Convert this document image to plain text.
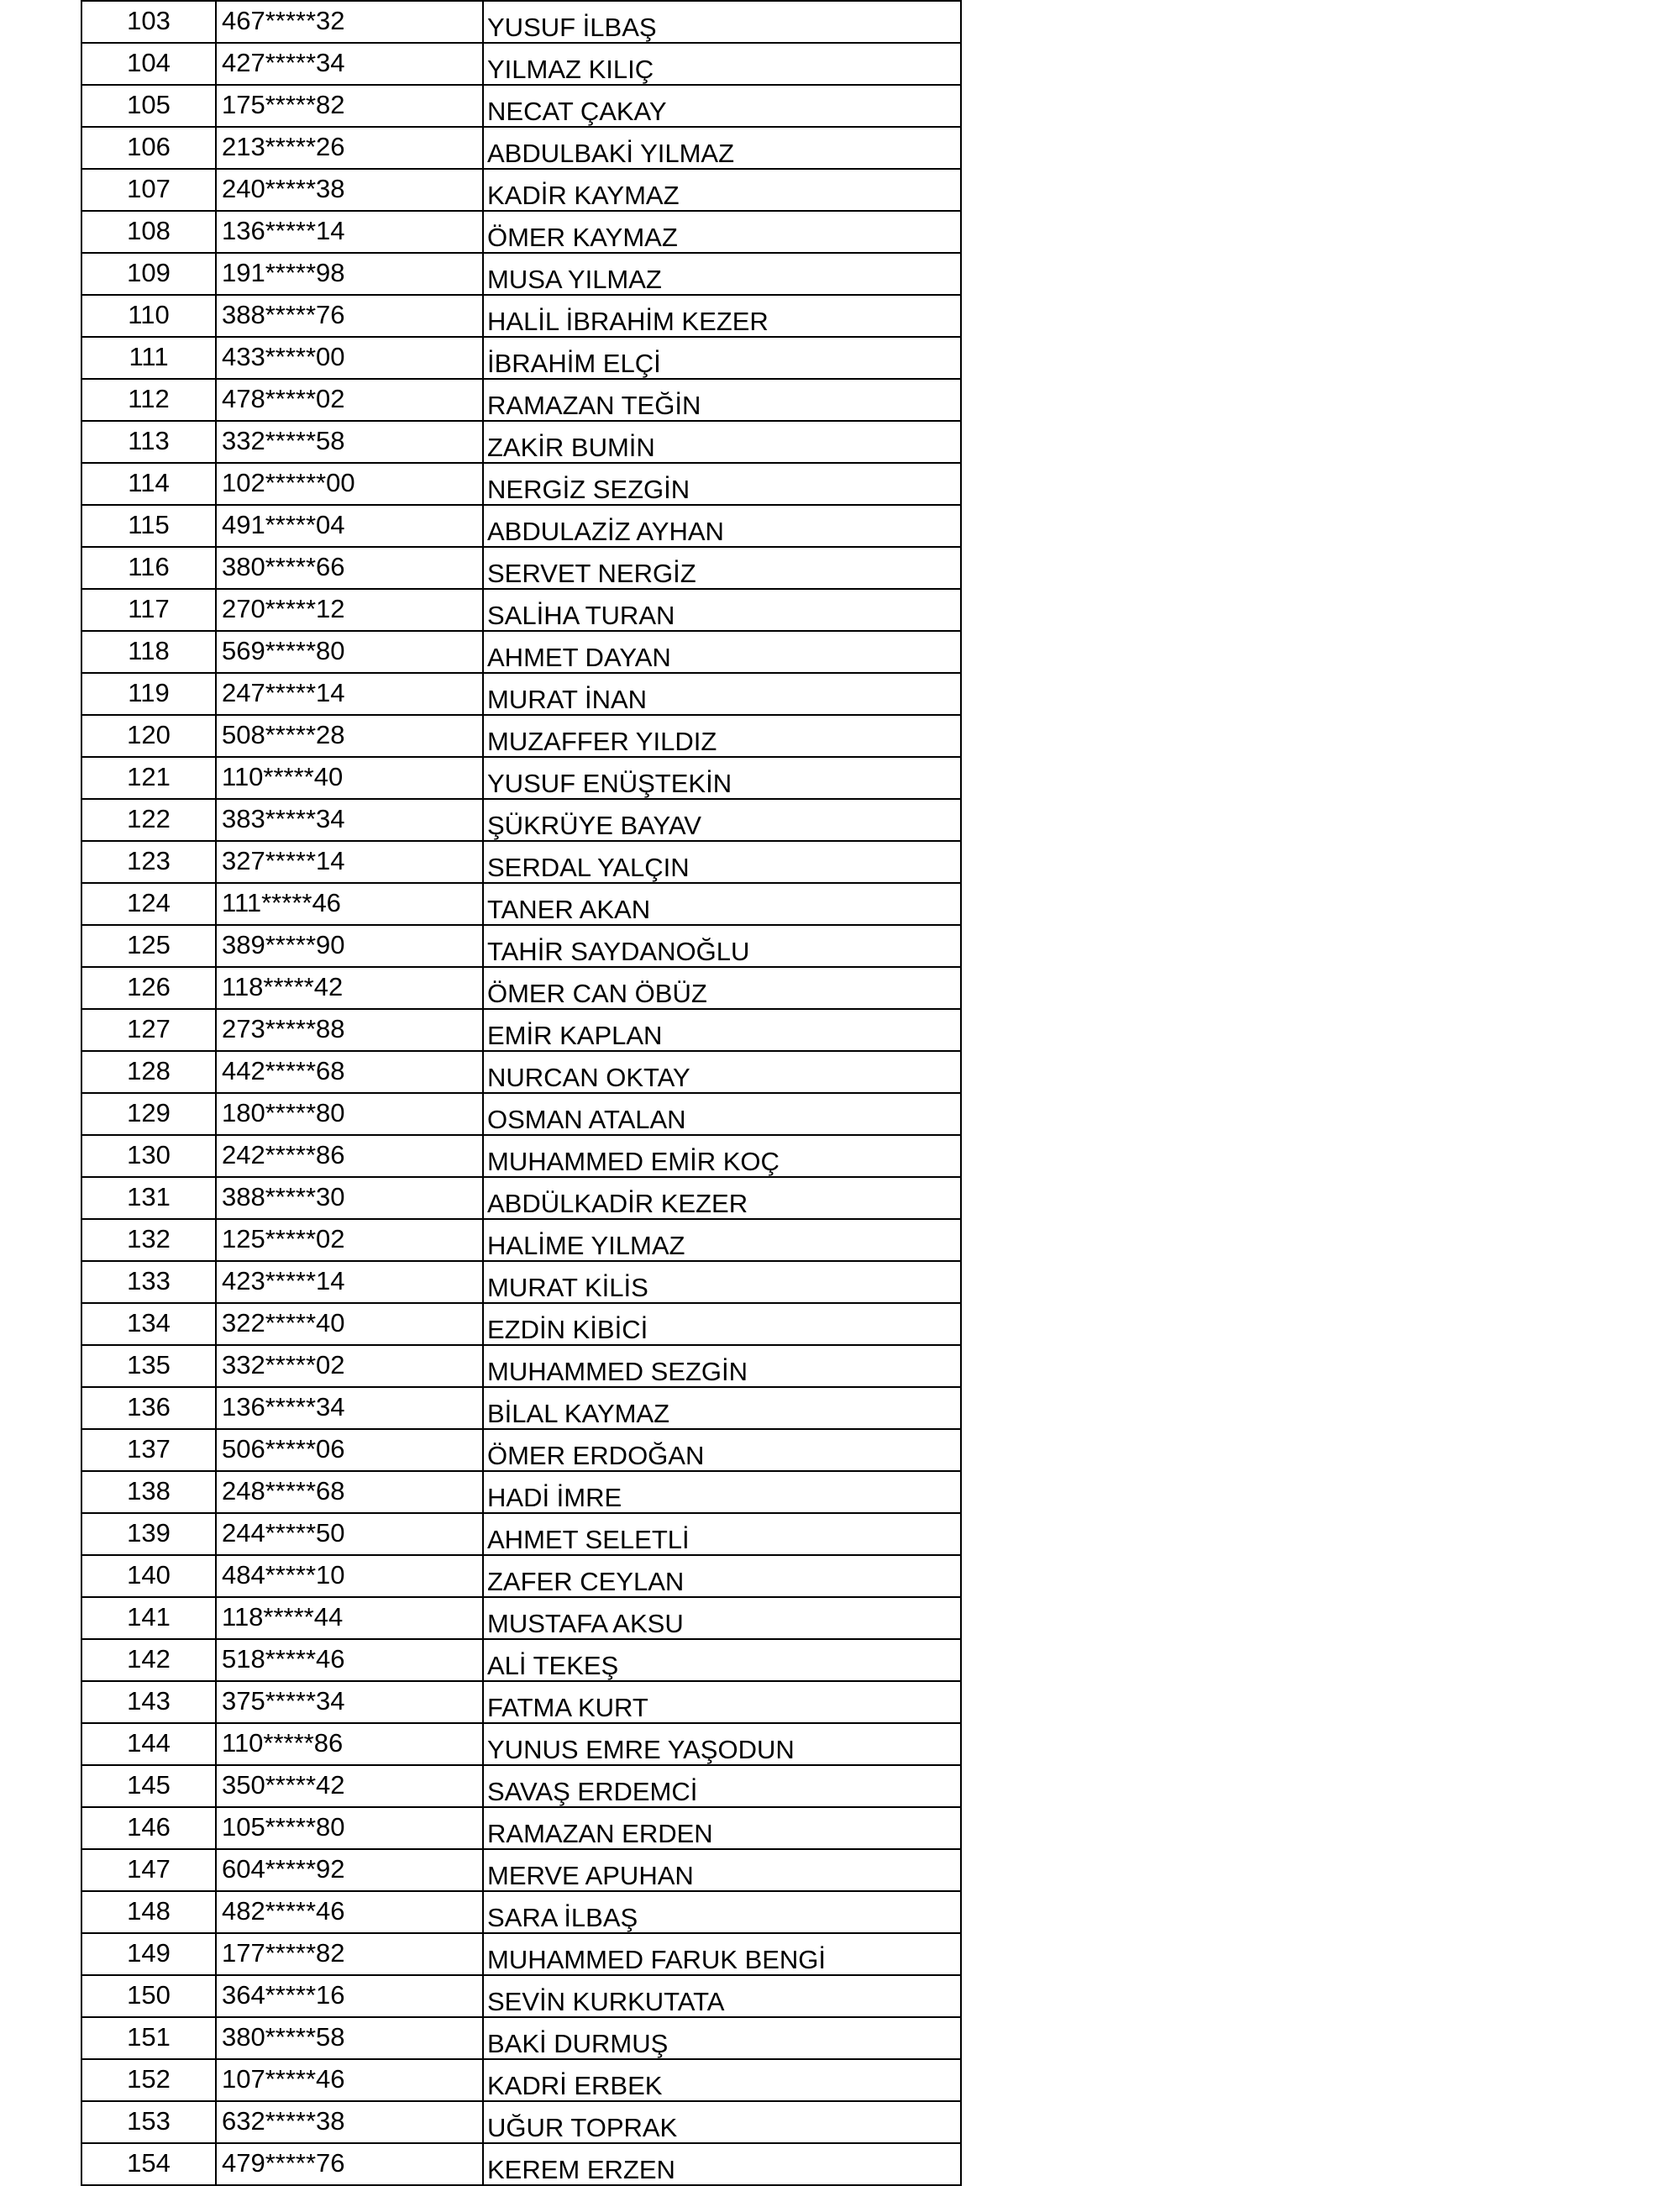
103	467*****32	YUSUF İLBAŞ
104	427*****34	YILMAZ KILIÇ
105	175*****82	NECAT ÇAKAY
106	213*****26	ABDULBAKİ YILMAZ
107	240*****38	KADİR KAYMAZ
108	136*****14	ÖMER KAYMAZ
109	191*****98	MUSA YILMAZ
110	388*****76	HALİL İBRAHİM KEZER
111	433*****00	İBRAHİM ELÇİ
112	478*****02	RAMAZAN TEĞİN
113	332*****58	ZAKİR BUMİN
114	102******00	NERGİZ SEZGİN
115	491*****04	ABDULAZİZ AYHAN
116	380*****66	SERVET NERGİZ
117	270*****12	SALİHA TURAN
118	569*****80	AHMET DAYAN
119	247*****14	MURAT İNAN
120	508*****28	MUZAFFER YILDIZ
121	110*****40	YUSUF ENÜŞTEKİN
122	383*****34	ŞÜKRÜYE BAYAV
123	327*****14	SERDAL YALÇIN
124	111*****46	TANER AKAN
125	389*****90	TAHİR SAYDANOĞLU
126	118*****42	ÖMER CAN ÖBÜZ
127	273*****88	EMİR KAPLAN
128	442*****68	NURCAN OKTAY
129	180*****80	OSMAN ATALAN
130	242*****86	MUHAMMED EMİR KOÇ
131	388*****30	ABDÜLKADİR KEZER
132	125*****02	HALİME YILMAZ
133	423*****14	MURAT KİLİS
134	322*****40	EZDİN KİBİCİ
135	332*****02	MUHAMMED SEZGİN
136	136*****34	BİLAL KAYMAZ
137	506*****06	ÖMER ERDOĞAN
138	248*****68	HADİ İMRE
139	244*****50	AHMET SELETLİ
140	484*****10	ZAFER CEYLAN
141	118*****44	MUSTAFA AKSU
142	518*****46	ALİ TEKEŞ
143	375*****34	FATMA KURT
144	110*****86	YUNUS EMRE YAŞODUN
145	350*****42	SAVAŞ ERDEMCİ
146	105*****80	RAMAZAN ERDEN
147	604*****92	MERVE APUHAN
148	482*****46	SARA İLBAŞ
149	177*****82	MUHAMMED FARUK BENGİ
150	364*****16	SEVİN KURKUTATA
151	380*****58	BAKİ DURMUŞ
152	107*****46	KADRİ ERBEK
153	632*****38	UĞUR TOPRAK
154	479*****76	KEREM ERZEN
